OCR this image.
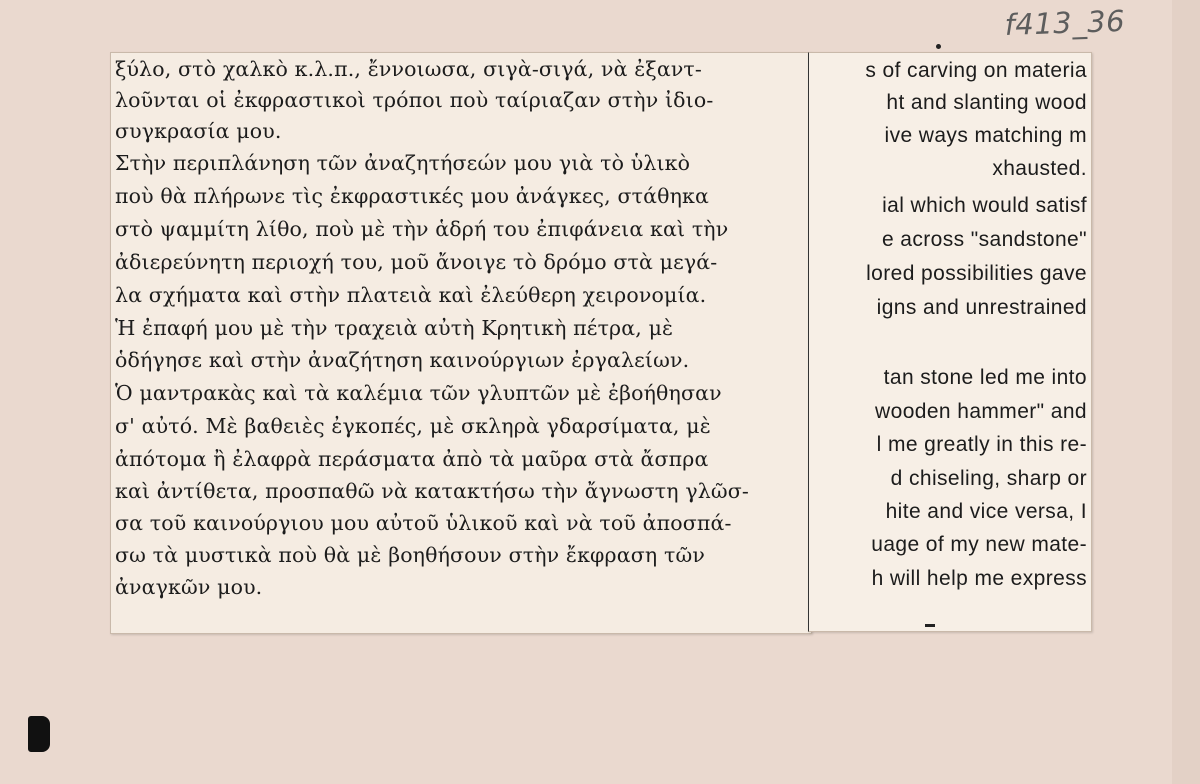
f413_36
ξύλο, στὸ χαλκὸ κ.λ.π., ἔννοιωσα, σιγὰ-σιγά, νὰ ἐξαντ-
λοῦνται οἱ ἐκφραστικοὶ τρόποι ποὺ ταίριαζαν στὴν ἰδιο-
συγκρασία μου.
Στὴν περιπλάνηση τῶν ἀναζητήσεών μου γιὰ τὸ ὑλικὸ
ποὺ θὰ πλήρωνε τὶς ἐκφραστικές μου ἀνάγκες, στάθηκα
στὸ ψαμμίτη λίθο, ποὺ μὲ τὴν ἁδρή του ἐπιφάνεια καὶ τὴν
ἀδιερεύνητη περιοχή του, μοῦ ἄνοιγε τὸ δρόμο στὰ μεγά-
λα σχήματα καὶ στὴν πλατειὰ καὶ ἐλεύθερη χειρονομία.
Ἡ ἐπαφή μου μὲ τὴν τραχειὰ αὐτὴ Κρητικὴ πέτρα, μὲ
ὁδήγησε καὶ στὴν ἀναζήτηση καινούργιων ἐργαλείων.
Ὁ μαντρακὰς καὶ τὰ καλέμια τῶν γλυπτῶν μὲ ἐβοήθησαν
σ' αὐτό. Μὲ βαθειὲς ἐγκοπές, μὲ σκληρὰ γδαρσίματα, μὲ
ἀπότομα ἢ ἐλαφρὰ περάσματα ἀπὸ τὰ μαῦρα στὰ ἄσπρα
καὶ ἀντίθετα, προσπαθῶ νὰ κατακτήσω τὴν ἄγνωστη γλῶσ-
σα τοῦ καινούργιου μου αὐτοῦ ὑλικοῦ καὶ νὰ τοῦ ἀποσπά-
σω τὰ μυστικὰ ποὺ θὰ μὲ βοηθήσουν στὴν ἔκφραση τῶν
ἀναγκῶν μου.
s of carving on materia
ht and slanting wood
ive ways matching m
xhausted.
ial which would satisf
e across "sandstone"
lored possibilities gave
igns and unrestrained
tan stone led me into
wooden hammer" and
l me greatly in this re-
d chiseling, sharp or
hite and vice versa, I
uage of my new mate-
h will help me express
